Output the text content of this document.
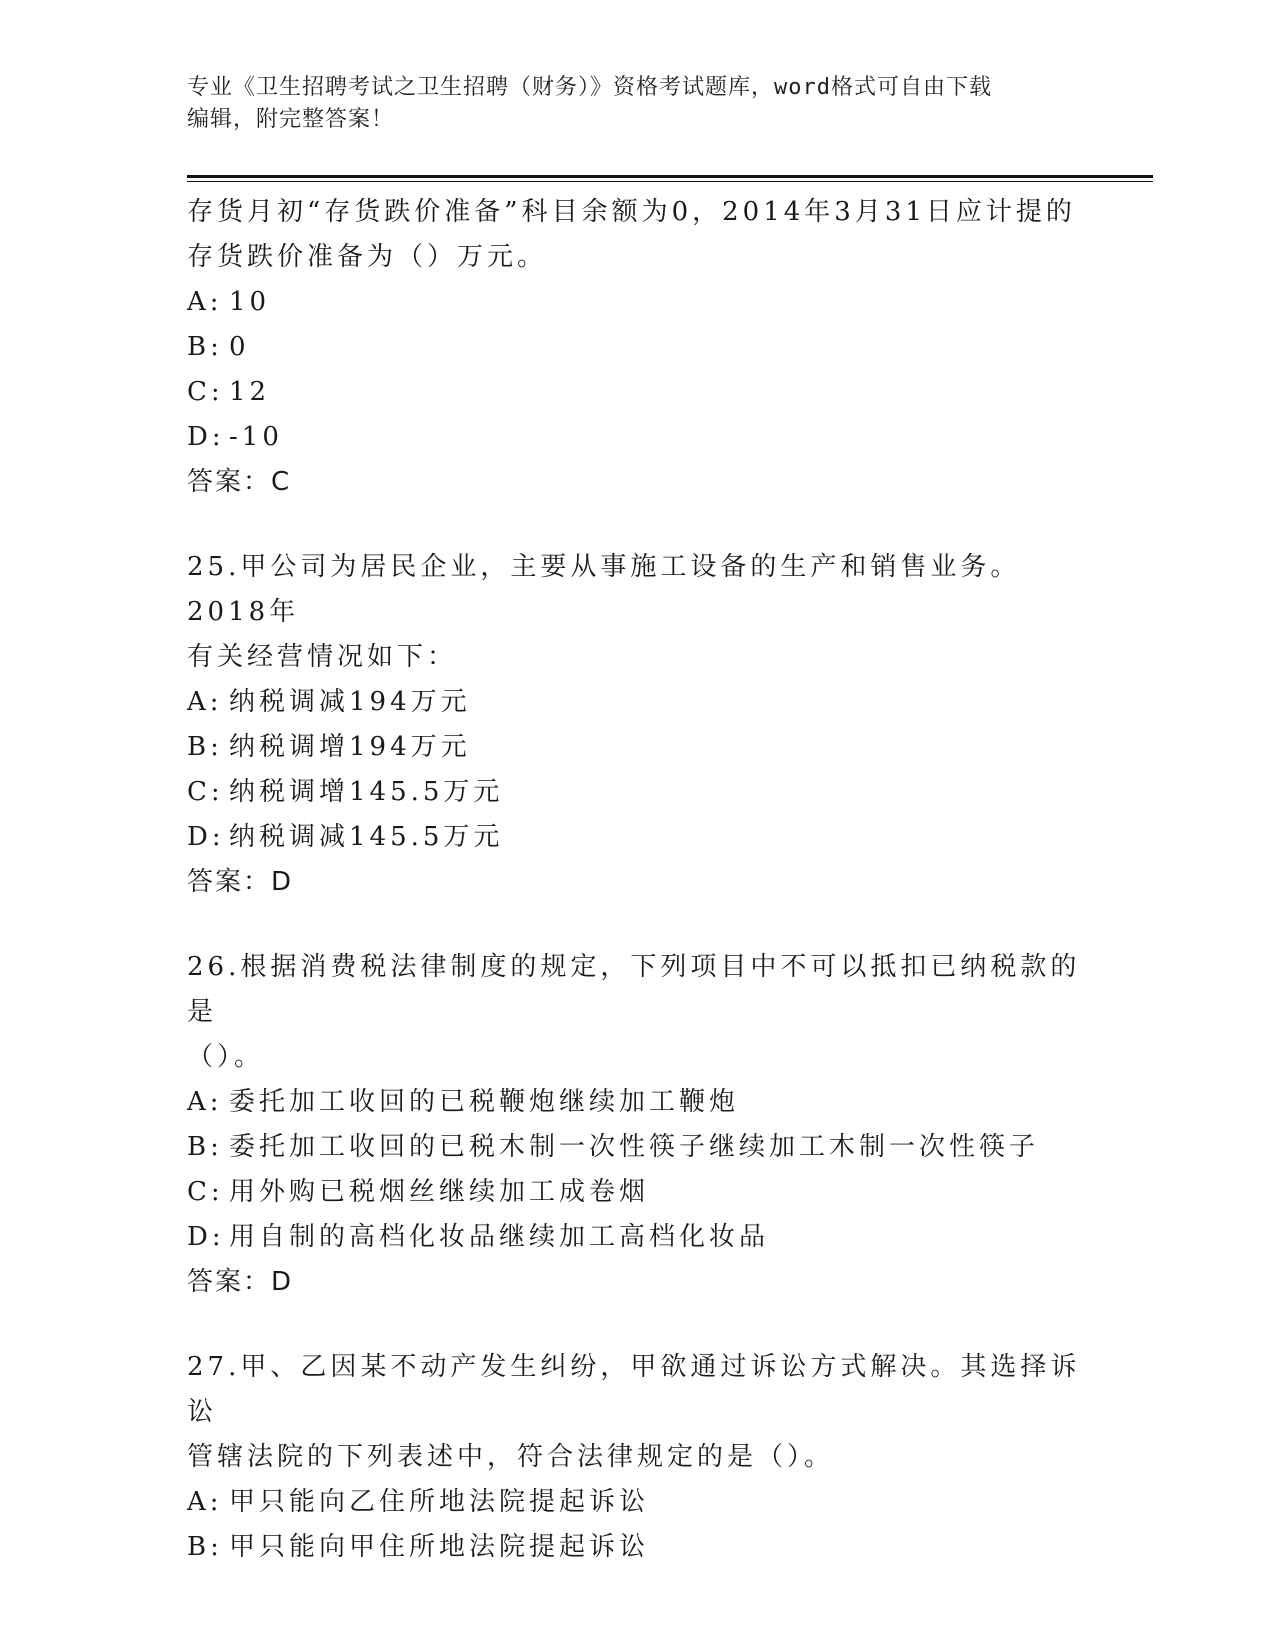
专业《卫生招聘考试之卫生招聘（财务）》资格考试题库，word格式可自由下载
编辑，附完整答案！

存货月初“存货跌价准备”科目余额为0，2014年3月31日应计提的

存货跌价准备为（）万元。

A: 10

B: 0

C: 12

D: -10

答案：C

25.甲公司为居民企业，主要从事施工设备的生产和销售业务。2018年

有关经营情况如下：

A: 纳税调减194万元

B: 纳税调增194万元

C: 纳税调增145.5万元

D: 纳税调减145.5万元

答案：D

26.根据消费税法律制度的规定，下列项目中不可以抵扣已纳税款的是

（）。

A: 委托加工收回的已税鞭炮继续加工鞭炮

B: 委托加工收回的已税木制一次性筷子继续加工木制一次性筷子

C: 用外购已税烟丝继续加工成卷烟

D: 用自制的高档化妆品继续加工高档化妆品

答案：D

27.甲、乙因某不动产发生纠纷，甲欲通过诉讼方式解决。其选择诉讼

管辖法院的下列表述中，符合法律规定的是（）。

A: 甲只能向乙住所地法院提起诉讼

B: 甲只能向甲住所地法院提起诉讼
